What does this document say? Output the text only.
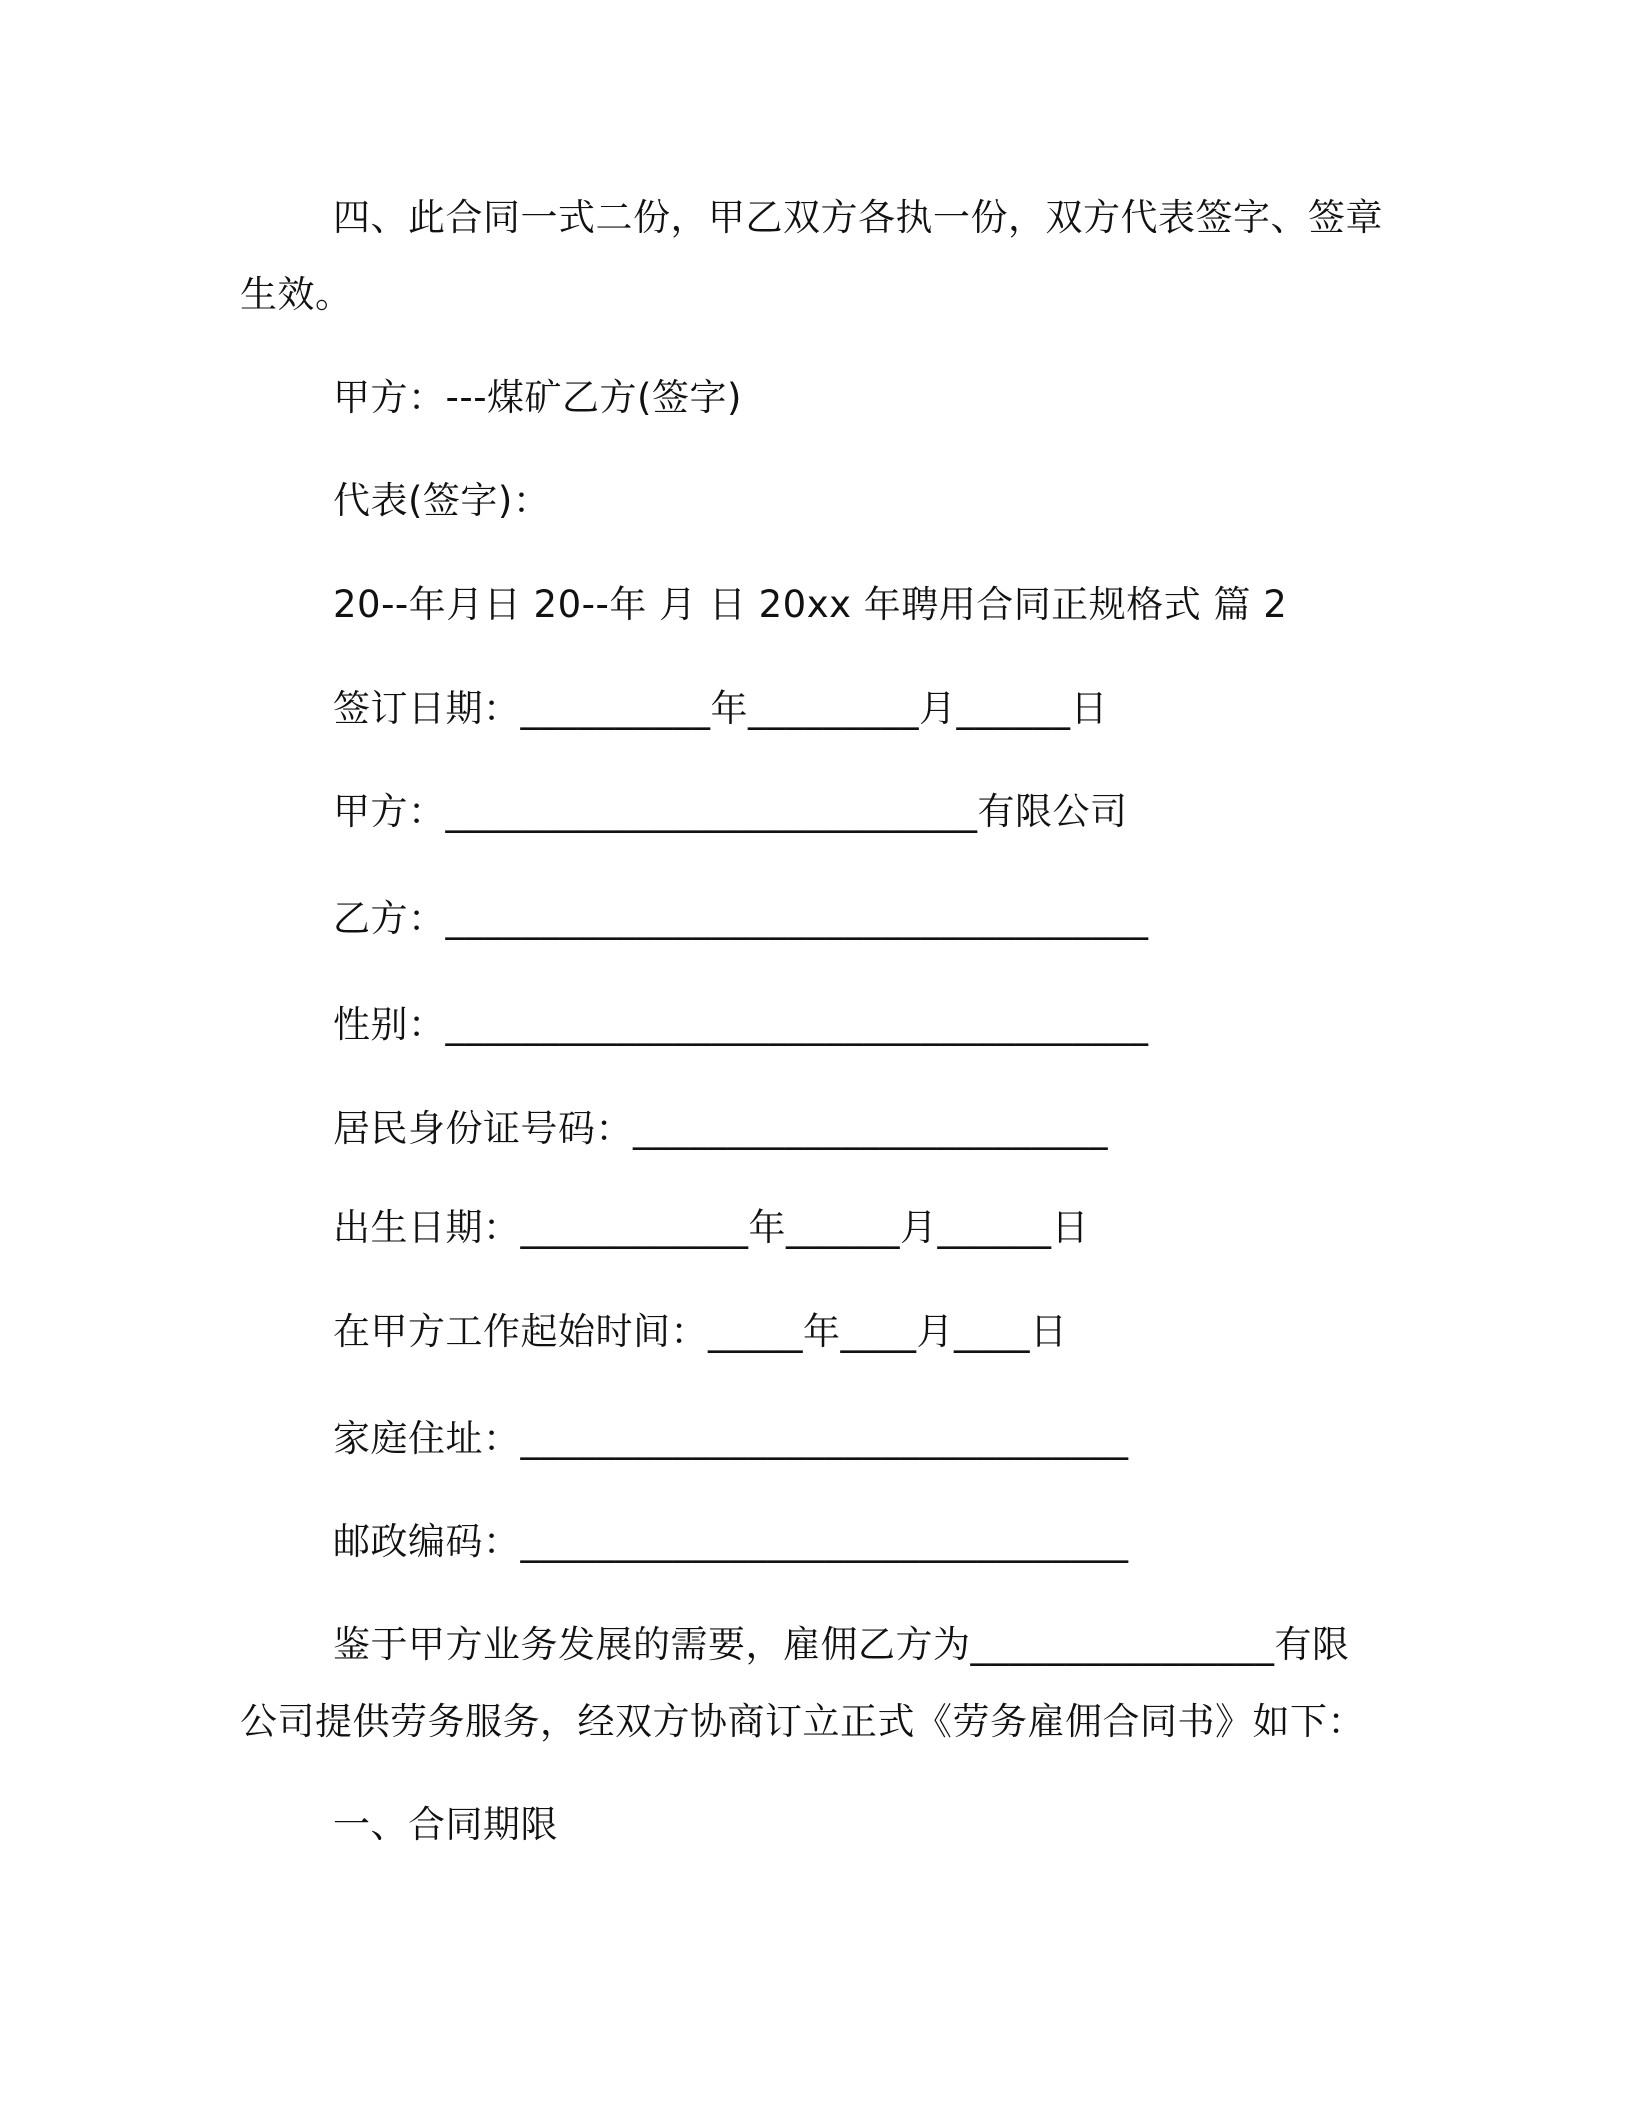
四、此合同一式二份，甲乙双方各执一份，双方代表签字、签章
生效。
甲方：---煤矿乙方(签字)
代表(签字)：
20--年月日 20--年 月 日 20xx 年聘用合同正规格式 篇 2
签订日期：__________年_________月______日
甲方：____________________________有限公司
乙方：_____________________________________
性别：_____________________________________
居民身份证号码：_________________________
出生日期：____________年______月______日
在甲方工作起始时间：_____年____月____日
家庭住址：________________________________
邮政编码：________________________________
鉴于甲方业务发展的需要，雇佣乙方为________________有限
公司提供劳务服务，经双方协商订立正式《劳务雇佣合同书》如下：
一、合同期限
